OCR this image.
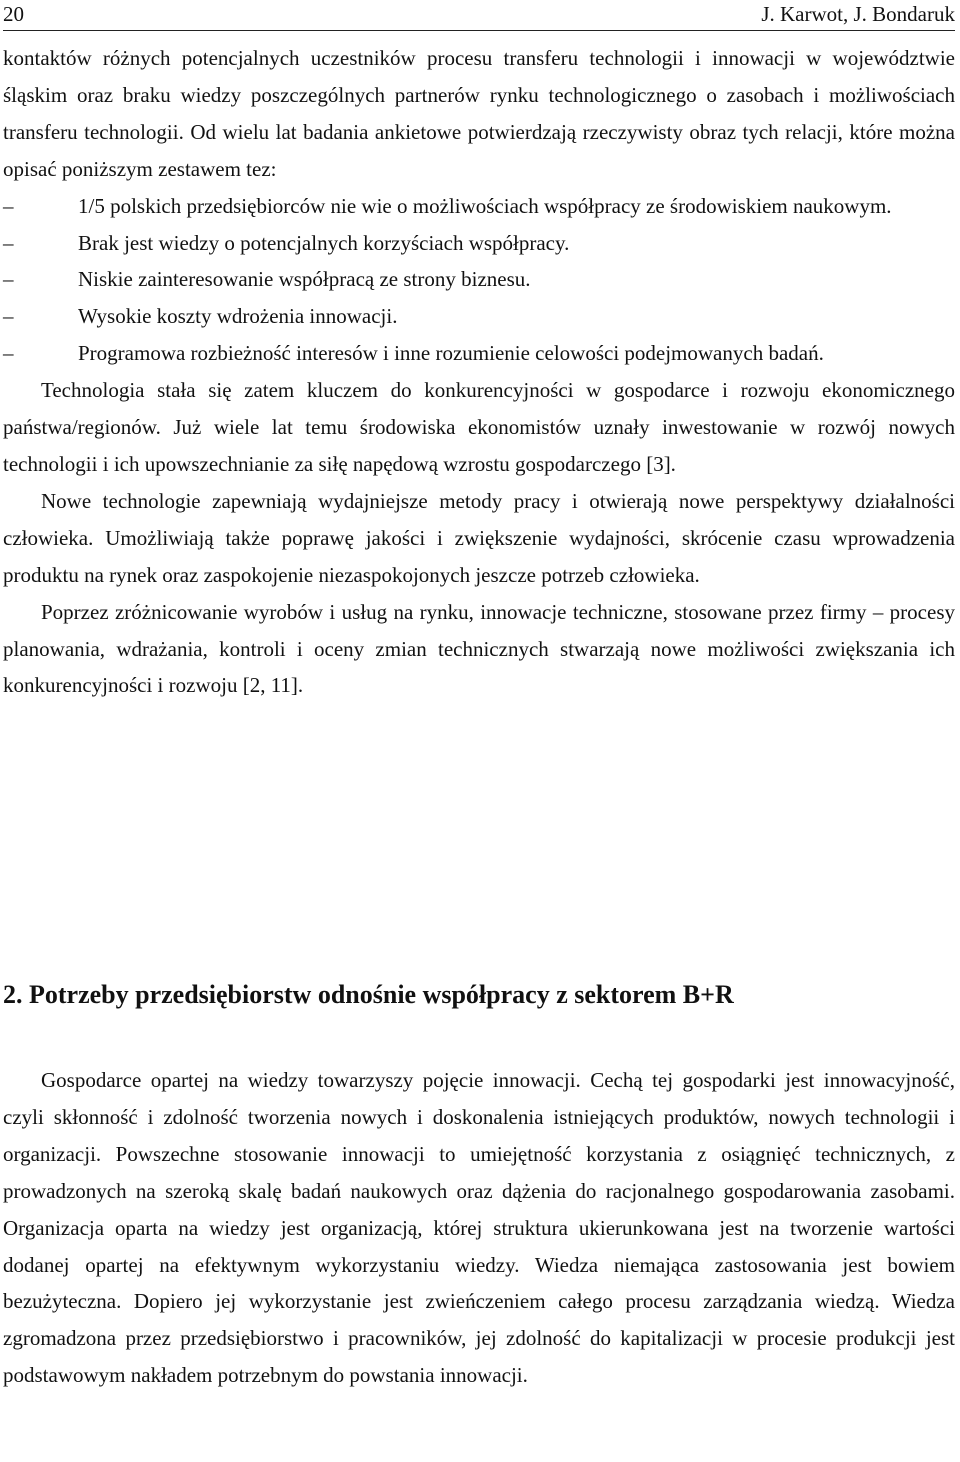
20	J. Karwot, J. Bondaruk

kontaktów różnych potencjalnych uczestników procesu transferu technologii i innowacji w województwie śląskim oraz braku wiedzy poszczególnych partnerów rynku technologicznego o zasobach i możliwościach transferu technologii. Od wielu lat badania ankietowe potwierdzają rzeczywisty obraz tych relacji, które można opisać poniższym zestawem tez:

–	1/5 polskich przedsiębiorców nie wie o możliwościach współpracy ze środowiskiem naukowym.
–	Brak jest wiedzy o potencjalnych korzyściach współpracy.
–	Niskie zainteresowanie współpracą ze strony biznesu.
–	Wysokie koszty wdrożenia innowacji.
–	Programowa rozbieżność interesów i inne rozumienie celowości podejmowanych badań.

Technologia stała się zatem kluczem do konkurencyjności w gospodarce i rozwoju ekonomicznego państwa/regionów. Już wiele lat temu środowiska ekonomistów uznały inwestowanie w rozwój nowych technologii i ich upowszechnianie za siłę napędową wzrostu gospodarczego [3].

Nowe technologie zapewniają wydajniejsze metody pracy i otwierają nowe perspektywy działalności człowieka. Umożliwiają także poprawę jakości i zwiększenie wydajności, skrócenie czasu wprowadzenia produktu na rynek oraz zaspokojenie niezaspokojonych jeszcze potrzeb człowieka.

Poprzez zróżnicowanie wyrobów i usług na rynku, innowacje techniczne, stosowane przez firmy – procesy planowania, wdrażania, kontroli i oceny zmian technicznych stwarzają nowe możliwości zwiększania ich konkurencyjności i rozwoju [2, 11].

2. Potrzeby przedsiębiorstw odnośnie współpracy z sektorem B+R

Gospodarce opartej na wiedzy towarzyszy pojęcie innowacji. Cechą tej gospodarki jest innowacyjność, czyli skłonność i zdolność tworzenia nowych i doskonalenia istniejących produktów, nowych technologii i organizacji. Powszechne stosowanie innowacji to umiejętność korzystania z osiągnięć technicznych, z prowadzonych na szeroką skalę badań naukowych oraz dążenia do racjonalnego gospodarowania zasobami. Organizacja oparta na wiedzy jest organizacją, której struktura ukierunkowana jest na tworzenie wartości dodanej opartej na efektywnym wykorzystaniu wiedzy. Wiedza niemająca zastosowania jest bowiem bezużyteczna. Dopiero jej wykorzystanie jest zwieńczeniem całego procesu zarządzania wiedzą. Wiedza zgromadzona przez przedsiębiorstwo i pracowników, jej zdolność do kapitalizacji w procesie produkcji jest podstawowym nakładem potrzebnym do powstania innowacji.
